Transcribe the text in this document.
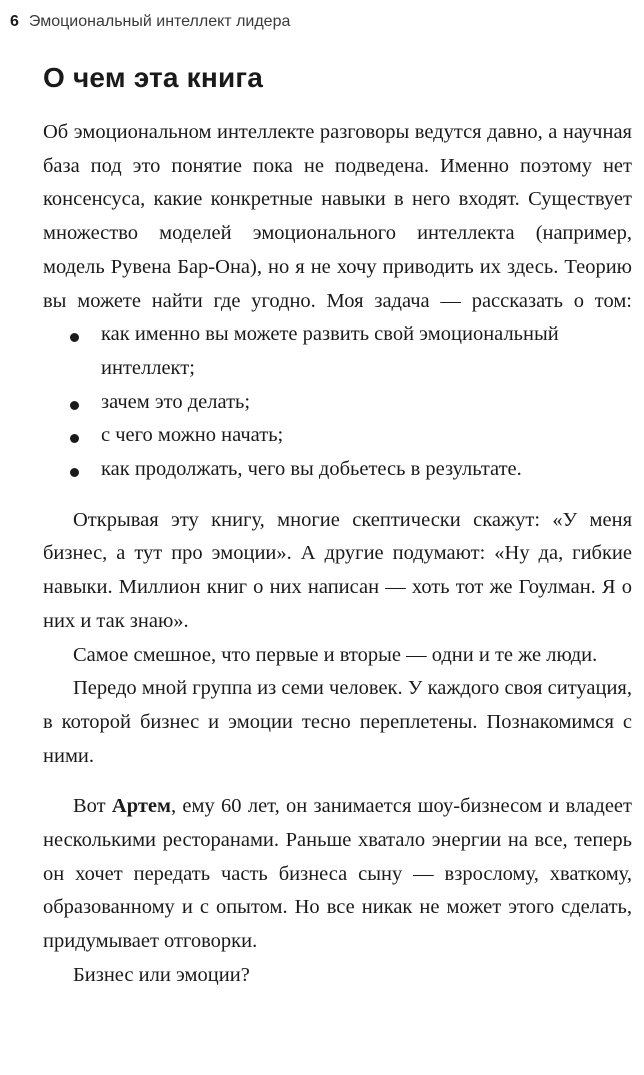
6 Эмоциональный интеллект лидера
О чем эта книга

Об эмоциональном интеллекте разговоры ведутся давно, а научная база под это понятие пока не подведена. Именно поэтому нет консенсуса, какие конкретные навыки в него входят. Существует множество моделей эмоционального интеллекта (например, модель Рувена Бар-Она), но я не хочу приводить их здесь. Теорию вы можете найти где угодно. Моя задача — рассказать о том:

как именно вы можете развить свой эмоциональный интеллект;
зачем это делать;
с чего можно начать;
как продолжать, чего вы добьетесь в результате.

Открывая эту книгу, многие скептически скажут: «У меня бизнес, а тут про эмоции». А другие подумают: «Ну да, гибкие навыки. Миллион книг о них написан — хоть тот же Гоулман. Я о них и так знаю».

Самое смешное, что первые и вторые — одни и те же люди.

Передо мной группа из семи человек. У каждого своя ситуация, в которой бизнес и эмоции тесно переплетены. Познакомимся с ними.

Вот Артем, ему 60 лет, он занимается шоу-бизнесом и владеет несколькими ресторанами. Раньше хватало энергии на все, теперь он хочет передать часть бизнеса сыну — взрослому, хваткому, образованному и с опытом. Но все никак не может этого сделать, придумывает отговорки.

Бизнес или эмоции?
